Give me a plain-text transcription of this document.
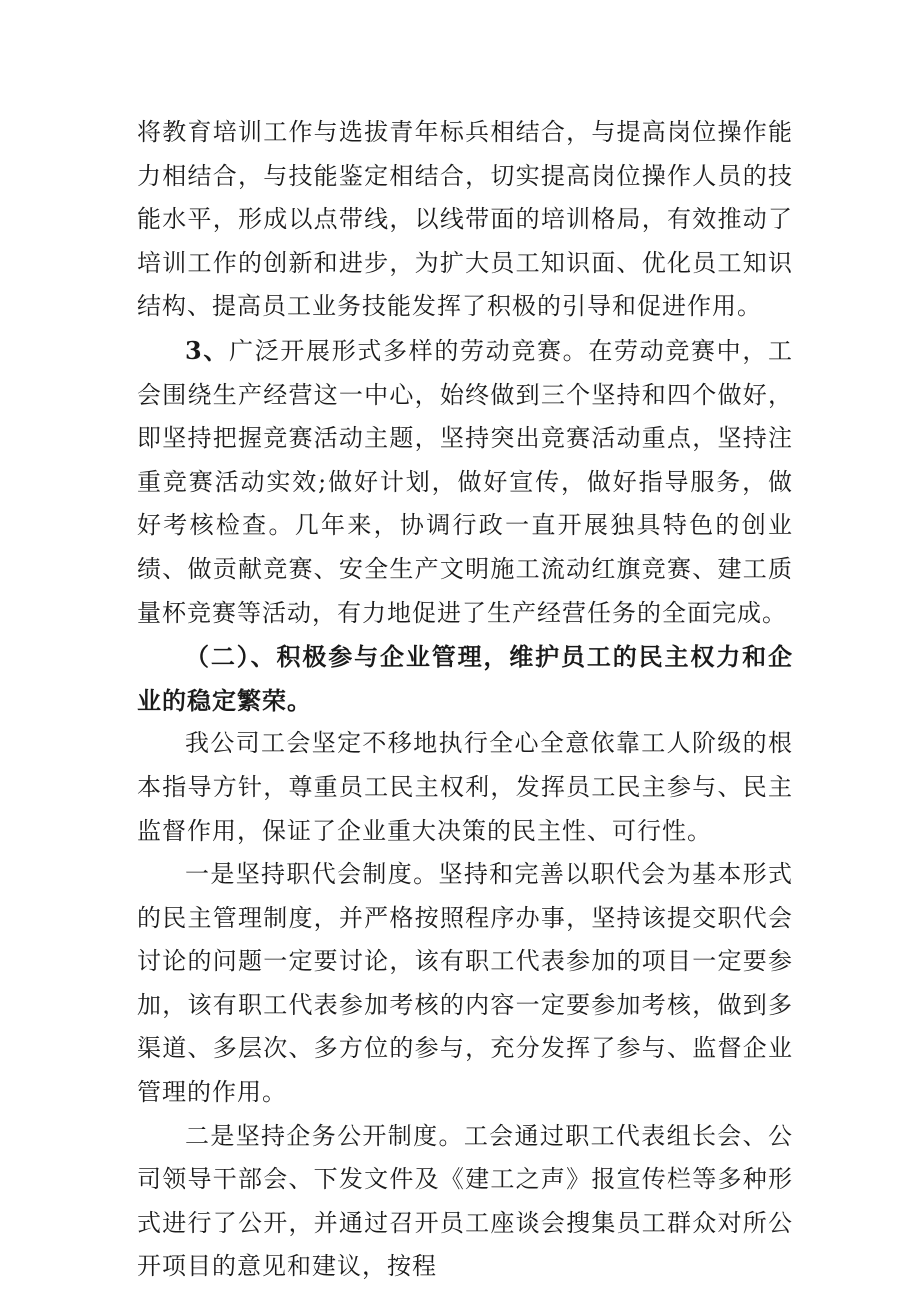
将教育培训工作与选拔青年标兵相结合，与提高岗位操作能力相结合，与技能鉴定相结合，切实提高岗位操作人员的技能水平，形成以点带线，以线带面的培训格局，有效推动了培训工作的创新和进步，为扩大员工知识面、优化员工知识结构、提高员工业务技能发挥了积极的引导和促进作用。

3、广泛开展形式多样的劳动竞赛。在劳动竞赛中，工会围绕生产经营这一中心，始终做到三个坚持和四个做好，即坚持把握竞赛活动主题，坚持突出竞赛活动重点，坚持注重竞赛活动实效;做好计划，做好宣传，做好指导服务，做好考核检查。几年来，协调行政一直开展独具特色的创业绩、做贡献竞赛、安全生产文明施工流动红旗竞赛、建工质量杯竞赛等活动，有力地促进了生产经营任务的全面完成。

（二）、积极参与企业管理，维护员工的民主权力和企业的稳定繁荣。

我公司工会坚定不移地执行全心全意依靠工人阶级的根本指导方针，尊重员工民主权利，发挥员工民主参与、民主监督作用，保证了企业重大决策的民主性、可行性。

一是坚持职代会制度。坚持和完善以职代会为基本形式的民主管理制度，并严格按照程序办事，坚持该提交职代会讨论的问题一定要讨论，该有职工代表参加的项目一定要参加，该有职工代表参加考核的内容一定要参加考核，做到多渠道、多层次、多方位的参与，充分发挥了参与、监督企业管理的作用。

二是坚持企务公开制度。工会通过职工代表组长会、公司领导干部会、下发文件及《建工之声》报宣传栏等多种形式进行了公开，并通过召开员工座谈会搜集员工群众对所公开项目的意见和建议，按程
